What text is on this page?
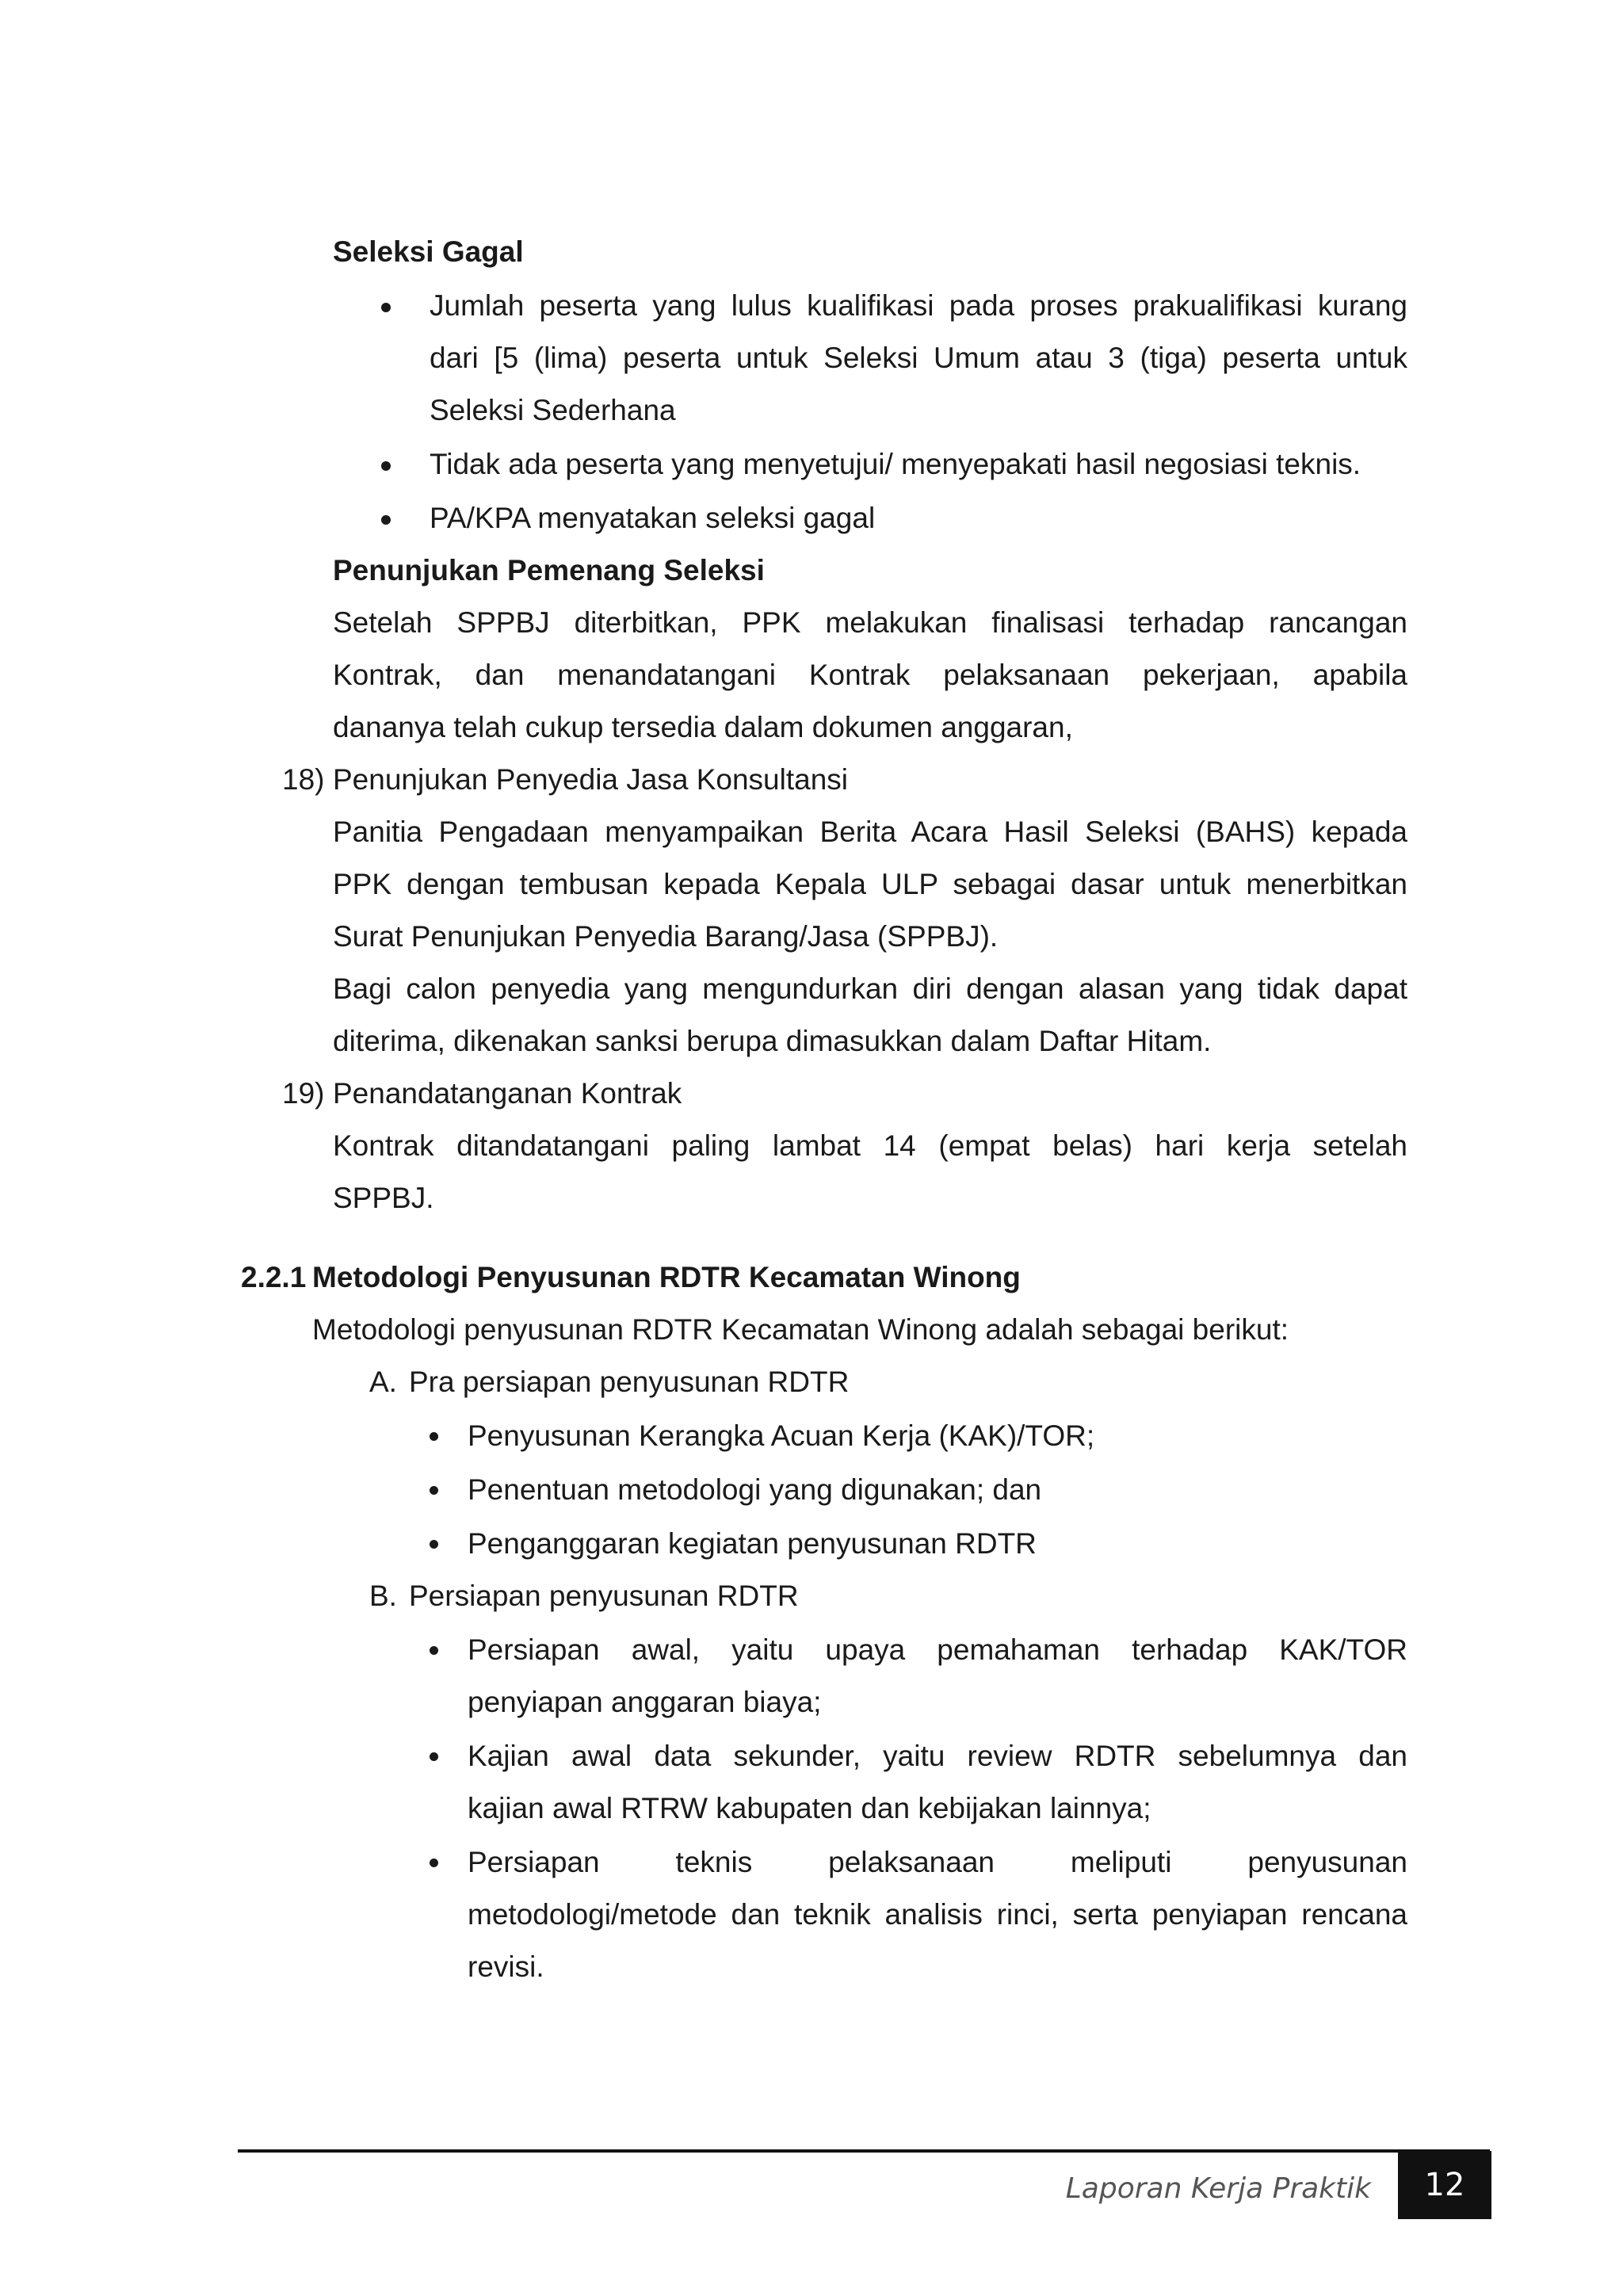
Seleksi Gagal

Jumlah peserta yang lulus kualifikasi pada proses prakualifikasi kurang

dari [5 (lima) peserta untuk Seleksi Umum atau 3 (tiga) peserta untuk

Seleksi Sederhana

Tidak ada peserta yang menyetujui/ menyepakati hasil negosiasi teknis.

PA/KPA menyatakan seleksi gagal

Penunjukan Pemenang Seleksi

Setelah SPPBJ diterbitkan, PPK melakukan finalisasi terhadap rancangan

Kontrak, dan menandatangani Kontrak pelaksanaan pekerjaan, apabila

dananya telah cukup tersedia dalam dokumen anggaran,

18) Penunjukan Penyedia Jasa Konsultansi

Panitia Pengadaan menyampaikan Berita Acara Hasil Seleksi (BAHS) kepada

PPK dengan tembusan kepada Kepala ULP sebagai dasar untuk menerbitkan

Surat Penunjukan Penyedia Barang/Jasa (SPPBJ).

Bagi calon penyedia yang mengundurkan diri dengan alasan yang tidak dapat

diterima, dikenakan sanksi berupa dimasukkan dalam Daftar Hitam.

19) Penandatanganan Kontrak

Kontrak ditandatangani paling lambat 14 (empat belas) hari kerja setelah

SPPBJ.

2.2.1 Metodologi Penyusunan RDTR Kecamatan Winong

Metodologi penyusunan RDTR Kecamatan Winong adalah sebagai berikut:

A. Pra persiapan penyusunan RDTR

Penyusunan Kerangka Acuan Kerja (KAK)/TOR;

Penentuan metodologi yang digunakan; dan

Penganggaran kegiatan penyusunan RDTR

B. Persiapan penyusunan RDTR

Persiapan awal, yaitu upaya pemahaman terhadap KAK/TOR

penyiapan anggaran biaya;

Kajian awal data sekunder, yaitu review RDTR sebelumnya dan

kajian awal RTRW kabupaten dan kebijakan lainnya;

Persiapan teknis pelaksanaan meliputi penyusunan

metodologi/metode dan teknik analisis rinci, serta penyiapan rencana

revisi.

Laporan Kerja Praktik 12
